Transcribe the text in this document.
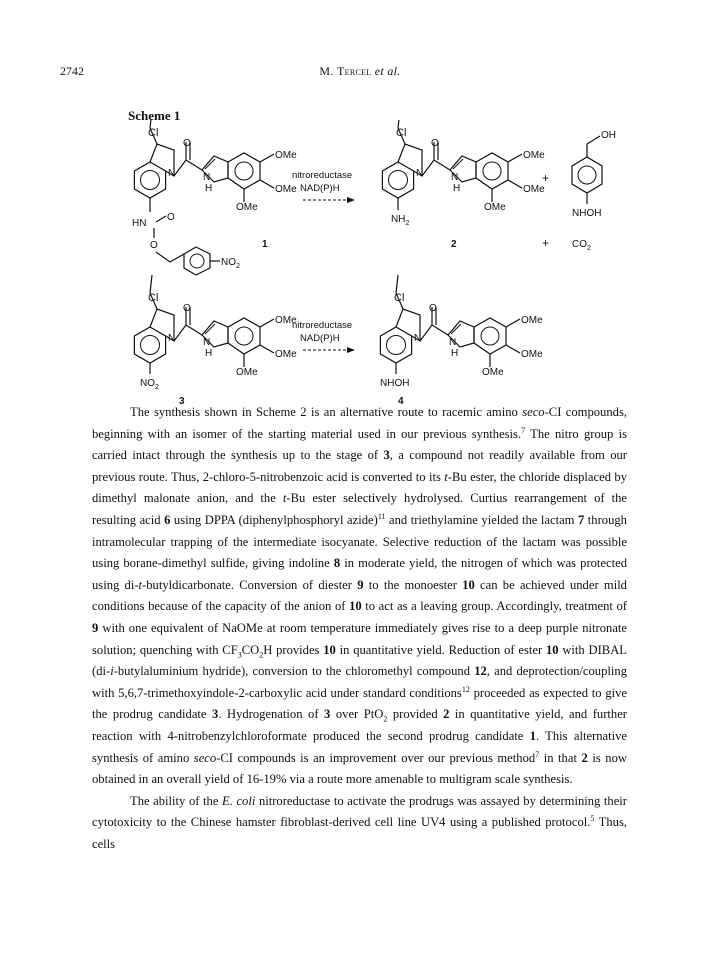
2742	M. Tercel et al.
Scheme 1
Cl
O
N	N
H
OMe
OMe
OMe
HN
O
O
$NO_2$
1
nitroreductase
NAD(P)H
Cl
O
N	N
H
OMe
OMe
OMe
$NH_2$
2
+
OH
NHOH
+ $CO_2$
Cl
O
N	N
H
OMe
OMe
OMe
$NO_2$
3
nitroreductase
NAD(P)H
Cl
O
N	N
H
OMe
OMe
OMe
NHOH
4

The synthesis shown in Scheme 2 is an alternative route to racemic amino seco-CI compounds, beginning with an isomer of the starting material used in our previous synthesis.$^7$ The nitro group is carried intact through the synthesis up to the stage of 3, a compound not readily available from our previous route. Thus, 2-chloro-5-nitrobenzoic acid is converted to its t-Bu ester, the chloride displaced by dimethyl malonate anion, and the t-Bu ester selectively hydrolysed. Curtius rearrangement of the resulting acid 6 using DPPA (diphenylphosphoryl azide)$^{11}$ and triethylamine yielded the lactam 7 through intramolecular trapping of the intermediate isocyanate. Selective reduction of the lactam was possible using borane-dimethyl sulfide, giving indoline 8 in moderate yield, the nitrogen of which was protected using di-t-butyldicarbonate. Conversion of diester 9 to the monoester 10 can be achieved under mild conditions because of the capacity of the anion of 10 to act as a leaving group. Accordingly, treatment of 9 with one equivalent of NaOMe at room temperature immediately gives rise to a deep purple nitronate solution; quenching with $CF_3CO_2H$ provides 10 in quantitative yield. Reduction of ester 10 with DIBAL (di-i-butylaluminium hydride), conversion to the chloromethyl compound 12, and deprotection/coupling with 5,6,7-trimethoxyindole-2-carboxylic acid under standard conditions$^{12}$ proceeded as expected to give the prodrug candidate 3. Hydrogenation of 3 over PtO$_2$ provided 2 in quantitative yield, and further reaction with 4-nitrobenzylchloroformate produced the second prodrug candidate 1. This alternative synthesis of amino seco-CI compounds is an improvement over our previous method$^7$ in that 2 is now obtained in an overall yield of 16-19% via a route more amenable to multigram scale synthesis.

The ability of the E. coli nitroreductase to activate the prodrugs was assayed by determining their cytotoxicity to the Chinese hamster fibroblast-derived cell line UV4 using a published protocol.$^5$ Thus, cells
